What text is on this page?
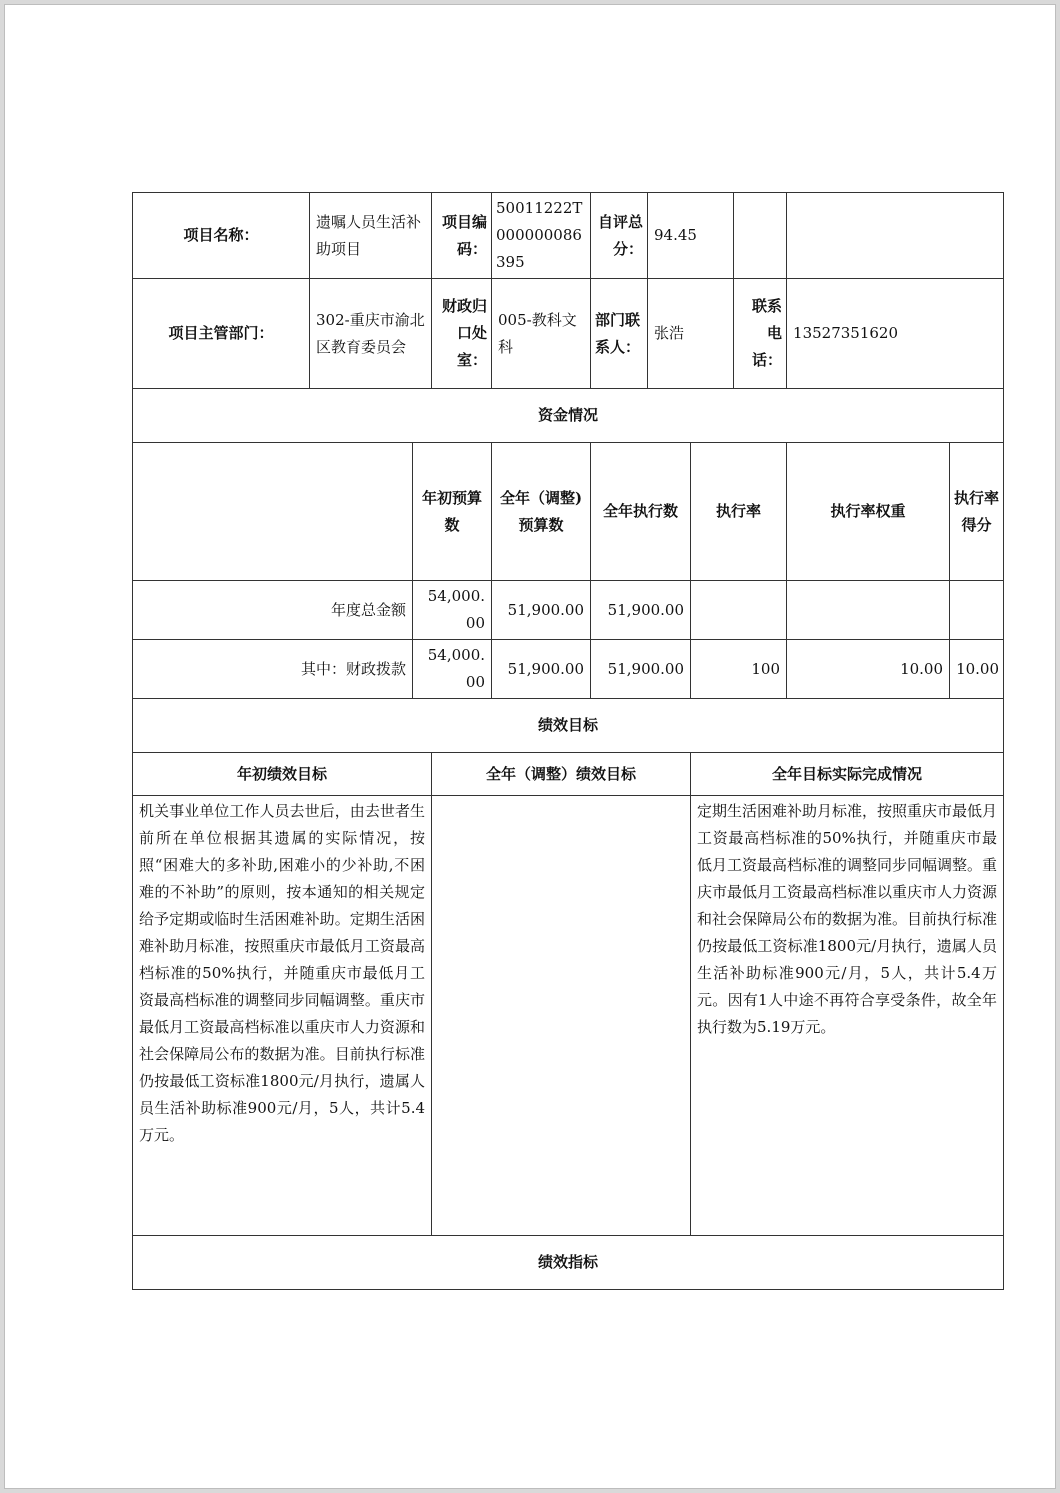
项目名称：	遗嘱人员生活补助项目		项目编码：	50011222T000000086395	自评总分：	94.45				
项目主管部门：	302-重庆市渝北区教育委员会		财政归口处室：	005-教科文科	部门联系人：	张浩		联系电话：	13527351620	
资金情况										
		年初预算数		全年（调整)预算数	全年执行数		执行率		执行率权重	执行率得分
年度总金额		54,000.00		51,900.00	51,900.00					
其中：财政拨款		54,000.00		51,900.00	51,900.00		100		10.00	10.00
绩效目标										
年初绩效目标			全年（调整）绩效目标				全年目标实际完成情况			
机关事业单位工作人员去世后，由去世者生前所在单位根据其遗属的实际情况，按照“困难大的多补助,困难小的少补助,不困难的不补助”的原则，按本通知的相关规定给予定期或临时生活困难补助。定期生活困难补助月标准，按照重庆市最低月工资最高档标准的50%执行，并随重庆市最低月工资最高档标准的调整同步同幅调整。重庆市最低月工资最高档标准以重庆市人力资源和社会保障局公布的数据为准。目前执行标准仍按最低工资标准1800元/月执行，遗属人员生活补助标准900元/月，5人，共计5.4万元。							定期生活困难补助月标准，按照重庆市最低月工资最高档标准的50%执行，并随重庆市最低月工资最高档标准的调整同步同幅调整。重庆市最低月工资最高档标准以重庆市人力资源和社会保障局公布的数据为准。目前执行标准仍按最低工资标准1800元/月执行，遗属人员生活补助标准900元/月，5人，共计5.4万元。因有1人中途不再符合享受条件，故全年执行数为5.19万元。			
绩效指标										
